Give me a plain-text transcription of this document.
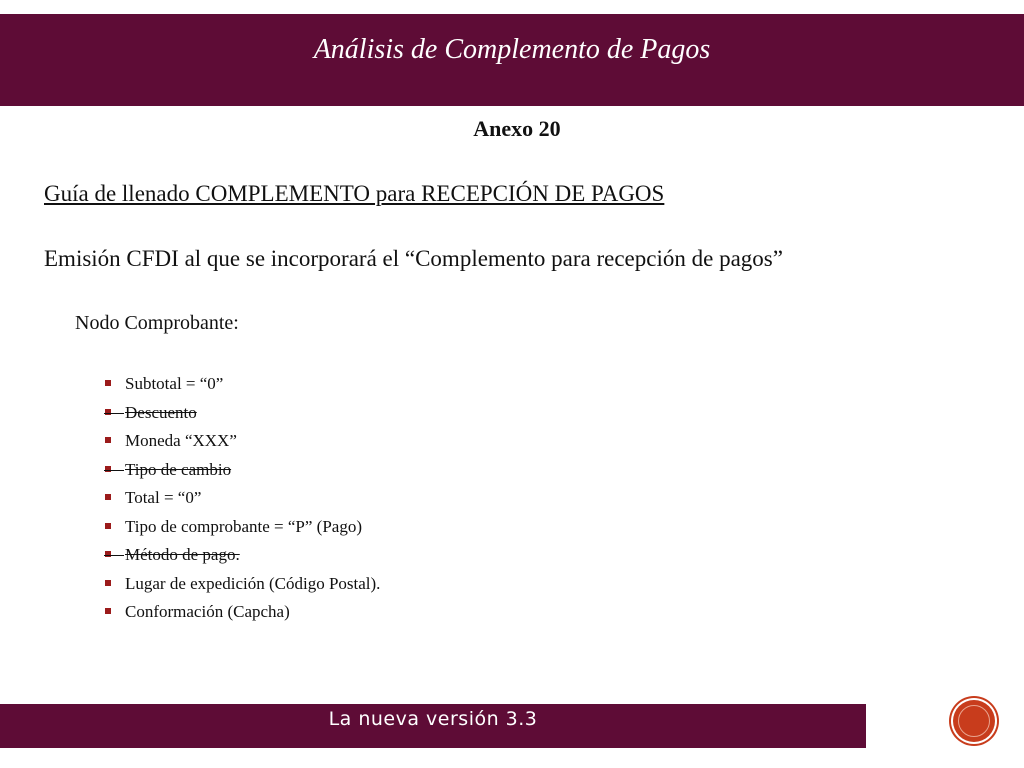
Análisis de Complemento de Pagos
Anexo 20
Guía de llenado COMPLEMENTO para RECEPCIÓN DE PAGOS
Emisión CFDI al que se incorporará el “Complemento para recepción de pagos”
Nodo Comprobante:
Subtotal = “0”
Descuento
Moneda “XXX”
Tipo de cambio
Total = “0”
Tipo de comprobante = “P” (Pago)
Método de pago.
Lugar de expedición (Código Postal).
Conformación (Capcha)
La nueva versión 3.3
